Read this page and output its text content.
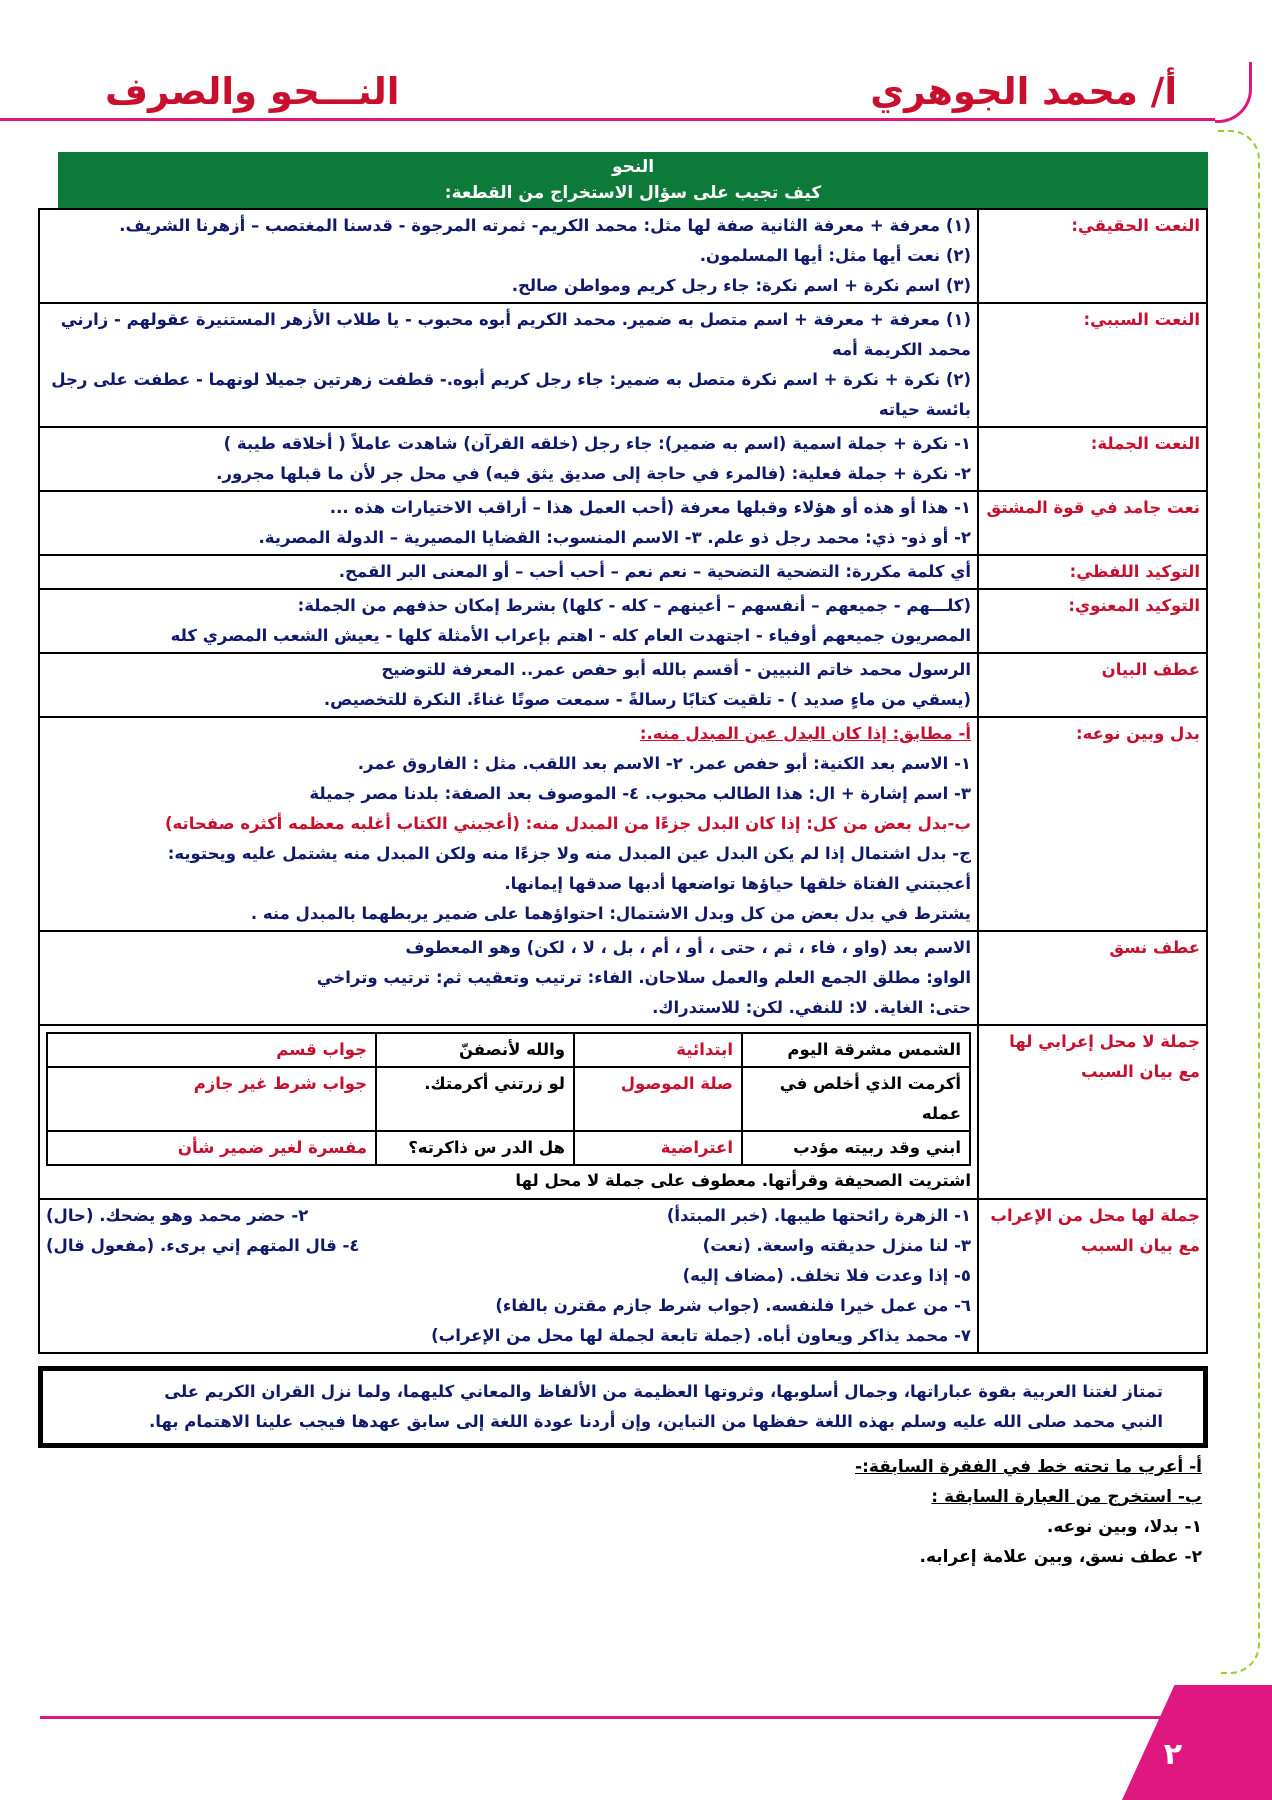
أ/ محمد الجوهري
النـــحو والصرف
النحو
كيف تجيب على سؤال الاستخراج من القطعة:
النعت الحقيقي:	
(١) معرفة + معرفة الثانية صفة لها مثل: محمد الكريم- ثمرته المرجوة - قدسنا المغتصب – أزهرنا الشريف.
(٢) نعت أيها مثل: أيها المسلمون.
(٣) اسم نكرة + اسم نكرة: جاء رجل كريم ومواطن صالح.

النعت السببي:	
(١) معرفة + معرفة + اسم متصل به ضمير. محمد الكريم أبوه محبوب - يا طلاب الأزهر المستنيرة عقولهم - زارني محمد الكريمة أمه
(٢) نكرة + نكرة + اسم نكرة متصل به ضمير: جاء رجل كريم أبوه.- قطفت زهرتين جميلا لونهما - عطفت على رجل بائسة حياته

النعت الجملة:	
١- نكرة + جملة اسمية (اسم به ضمير): جاء رجل (خلقه القرآن) شاهدت عاملاً ( أخلاقه طيبة )
٢- نكرة + جملة فعلية: (فالمرء في حاجة إلى صديق يثق فيه) في محل جر لأن ما قبلها مجرور.

نعت جامد في قوة المشتق	
١- هذا أو هذه أو هؤلاء وقبلها معرفة (أحب العمل هذا – أراقب الاختيارات هذه ...
٢- أو ذو- ذي: محمد رجل ذو علم. ٣- الاسم المنسوب: القضايا المصيرية – الدولة المصرية.

التوكيد اللفظي:	
أي كلمة مكررة: التضحية التضحية – نعم نعم – أحب أحب – أو المعنى البر القمح.

التوكيد المعنوي:	
(كلـــهم - جميعهم – أنفسهم – أعينهم – كله - كلها) بشرط إمكان حذفهم من الجملة:
المصريون جميعهم أوفياء - اجتهدت العام كله - اهتم بإعراب الأمثلة كلها - يعيش الشعب المصري كله

عطف البيان	
الرسول محمد خاتم النبيين - أقسم بالله أبو حفص عمر.. المعرفة للتوضيح
(يسقي من ماءٍ صديد ) - تلقيت كتابًا رسالةً - سمعت صوتًا غناءً. النكرة للتخصيص.

بدل وبين نوعه:	
أ- مطابق: إذا كان البدل عين المبدل منه.:
١- الاسم بعد الكنية: أبو حفص عمر. ٢- الاسم بعد اللقب. مثل : الفاروق عمر.
٣- اسم إشارة + ال: هذا الطالب محبوب. ٤- الموصوف بعد الصفة: بلدنا مصر جميلة
ب-بدل بعض من كل: إذا كان البدل جزءًا من المبدل منه: (أعجبني الكتاب أغلبه معظمه أكثره صفحاته)
ج- بدل اشتمال إذا لم يكن البدل عين المبدل منه ولا جزءًا منه ولكن المبدل منه يشتمل عليه ويحتويه:
أعجبتني الفتاة خلقها حياؤها تواضعها أدبها صدقها إيمانها.
يشترط في بدل بعض من كل وبدل الاشتمال: احتواؤهما على ضمير يربطهما بالمبدل منه .

عطف نسق	
الاسم بعد (واو ، فاء ، ثم ، حتى ، أو ، أم ، بل ، لا ، لكن) وهو المعطوف
الواو: مطلق الجمع العلم والعمل سلاحان. الفاء: ترتيب وتعقيب ثم: ترتيب وتراخي
حتى: الغاية. لا: للنفي. لكن: للاستدراك.

جملة لا محل إعرابي لها مع بيان السبب	
الشمس مشرقة اليوم	ابتدائية	والله لأنصفنّ	جواب قسم
أكرمت الذي أخلص في عمله	صلة الموصول	لو زرتني أكرمتك.	جواب شرط غير جازم
ابني وقد ربيته مؤدب	اعتراضية	هل الدر س ذاكرته؟	مفسرة لغير ضمير شأن
اشتريت الصحيفة وقرأتها. معطوف على جملة لا محل لها

جملة لها محل من الإعراب مع بيان السبب	
١- الزهرة رائحتها طيبها. (خبر المبتدأ)
٢- حضر محمد وهو يضحك. (حال)
٣- لنا منزل حديقته واسعة. (نعت)
٤- قال المتهم إني برىء. (مفعول قال)
٥- إذا وعدت فلا تخلف. (مضاف إليه)
٦- من عمل خيرا فلنفسه. (جواب شرط جازم مقترن بالفاء)
٧- محمد يذاكر ويعاون أباه. (جملة تابعة لجملة لها محل من الإعراب)
تمتاز لغتنا العربية بقوة عباراتها، وجمال أسلوبها، وثروتها العظيمة من الألفاظ والمعاني كليهما، ولما نزل القران الكريم على
النبي محمد صلى الله عليه وسلم بهذه اللغة حفظها من التباين، وإن أردنا عودة اللغة إلى سابق عهدها فيجب علينا الاهتمام بها.
أ- أعرب ما تحته خط في الفقرة السابقة:-
ب- استخرج من العبارة السابقة :
١- بدلا، وبين نوعه.
٢- عطف نسق، وبين علامة إعرابه.
٢
